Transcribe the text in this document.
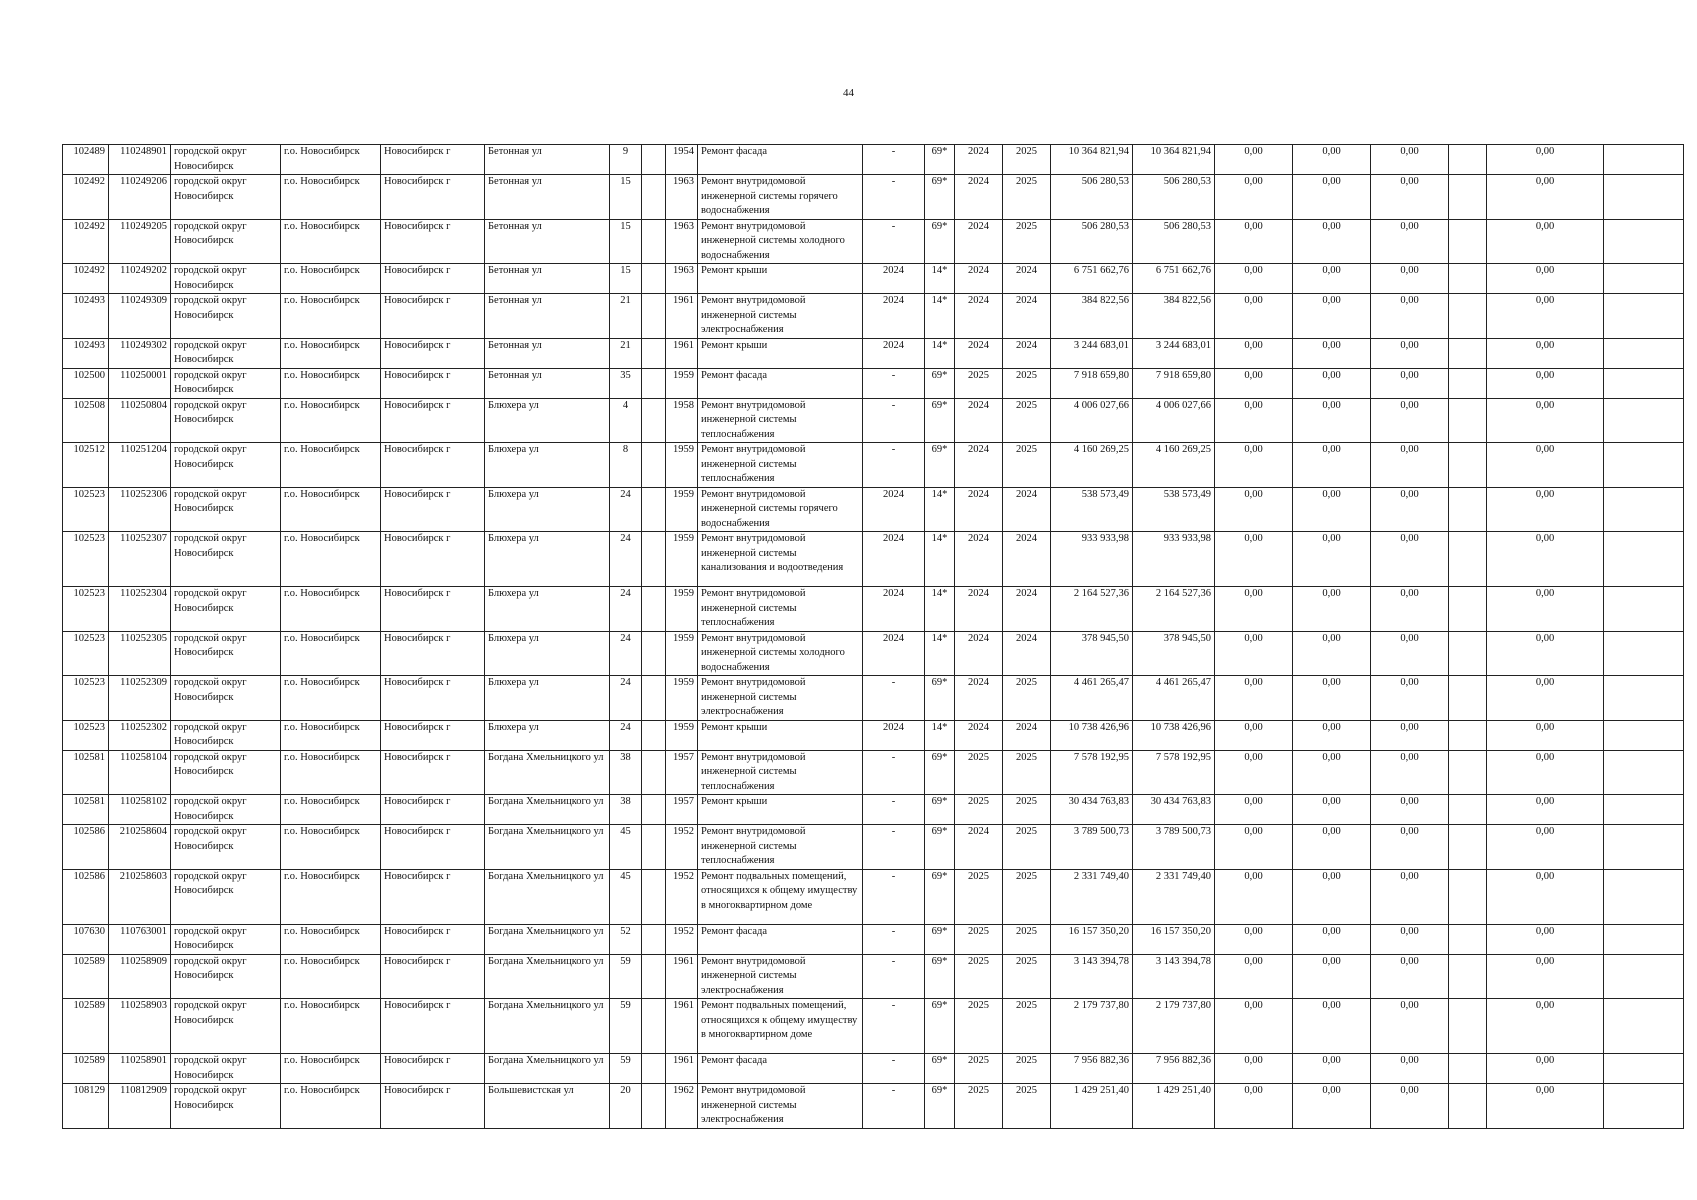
44
102489	110248901	городской округ Новосибирск	г.о. Новосибирск	Новосибирск г	Бетонная ул	9		1954	Ремонт фасада	-	69*	2024	2025	10 364 821,94	10 364 821,94	0,00	0,00	0,00		0,00	
102492	110249206	городской округ Новосибирск	г.о. Новосибирск	Новосибирск г	Бетонная ул	15		1963	Ремонт внутридомовой инженерной системы горячего водоснабжения	-	69*	2024	2025	506 280,53	506 280,53	0,00	0,00	0,00		0,00	
102492	110249205	городской округ Новосибирск	г.о. Новосибирск	Новосибирск г	Бетонная ул	15		1963	Ремонт внутридомовой инженерной системы холодного водоснабжения	-	69*	2024	2025	506 280,53	506 280,53	0,00	0,00	0,00		0,00	
102492	110249202	городской округ Новосибирск	г.о. Новосибирск	Новосибирск г	Бетонная ул	15		1963	Ремонт крыши	2024	14*	2024	2024	6 751 662,76	6 751 662,76	0,00	0,00	0,00		0,00	
102493	110249309	городской округ Новосибирск	г.о. Новосибирск	Новосибирск г	Бетонная ул	21		1961	Ремонт внутридомовой инженерной системы электроснабжения	2024	14*	2024	2024	384 822,56	384 822,56	0,00	0,00	0,00		0,00	
102493	110249302	городской округ Новосибирск	г.о. Новосибирск	Новосибирск г	Бетонная ул	21		1961	Ремонт крыши	2024	14*	2024	2024	3 244 683,01	3 244 683,01	0,00	0,00	0,00		0,00	
102500	110250001	городской округ Новосибирск	г.о. Новосибирск	Новосибирск г	Бетонная ул	35		1959	Ремонт фасада	-	69*	2025	2025	7 918 659,80	7 918 659,80	0,00	0,00	0,00		0,00	
102508	110250804	городской округ Новосибирск	г.о. Новосибирск	Новосибирск г	Блюхера ул	4		1958	Ремонт внутридомовой инженерной системы теплоснабжения	-	69*	2024	2025	4 006 027,66	4 006 027,66	0,00	0,00	0,00		0,00	
102512	110251204	городской округ Новосибирск	г.о. Новосибирск	Новосибирск г	Блюхера ул	8		1959	Ремонт внутридомовой инженерной системы теплоснабжения	-	69*	2024	2025	4 160 269,25	4 160 269,25	0,00	0,00	0,00		0,00	
102523	110252306	городской округ Новосибирск	г.о. Новосибирск	Новосибирск г	Блюхера ул	24		1959	Ремонт внутридомовой инженерной системы горячего водоснабжения	2024	14*	2024	2024	538 573,49	538 573,49	0,00	0,00	0,00		0,00	
102523	110252307	городской округ Новосибирск	г.о. Новосибирск	Новосибирск г	Блюхера ул	24		1959	Ремонт внутридомовой инженерной системы канализования и водоотведения	2024	14*	2024	2024	933 933,98	933 933,98	0,00	0,00	0,00		0,00	
102523	110252304	городской округ Новосибирск	г.о. Новосибирск	Новосибирск г	Блюхера ул	24		1959	Ремонт внутридомовой инженерной системы теплоснабжения	2024	14*	2024	2024	2 164 527,36	2 164 527,36	0,00	0,00	0,00		0,00	
102523	110252305	городской округ Новосибирск	г.о. Новосибирск	Новосибирск г	Блюхера ул	24		1959	Ремонт внутридомовой инженерной системы холодного водоснабжения	2024	14*	2024	2024	378 945,50	378 945,50	0,00	0,00	0,00		0,00	
102523	110252309	городской округ Новосибирск	г.о. Новосибирск	Новосибирск г	Блюхера ул	24		1959	Ремонт внутридомовой инженерной системы электроснабжения	-	69*	2024	2025	4 461 265,47	4 461 265,47	0,00	0,00	0,00		0,00	
102523	110252302	городской округ Новосибирск	г.о. Новосибирск	Новосибирск г	Блюхера ул	24		1959	Ремонт крыши	2024	14*	2024	2024	10 738 426,96	10 738 426,96	0,00	0,00	0,00		0,00	
102581	110258104	городской округ Новосибирск	г.о. Новосибирск	Новосибирск г	Богдана Хмельницкого ул	38		1957	Ремонт внутридомовой инженерной системы теплоснабжения	-	69*	2025	2025	7 578 192,95	7 578 192,95	0,00	0,00	0,00		0,00	
102581	110258102	городской округ Новосибирск	г.о. Новосибирск	Новосибирск г	Богдана Хмельницкого ул	38		1957	Ремонт крыши	-	69*	2025	2025	30 434 763,83	30 434 763,83	0,00	0,00	0,00		0,00	
102586	210258604	городской округ Новосибирск	г.о. Новосибирск	Новосибирск г	Богдана Хмельницкого ул	45		1952	Ремонт внутридомовой инженерной системы теплоснабжения	-	69*	2024	2025	3 789 500,73	3 789 500,73	0,00	0,00	0,00		0,00	
102586	210258603	городской округ Новосибирск	г.о. Новосибирск	Новосибирск г	Богдана Хмельницкого ул	45		1952	Ремонт подвальных помещений, относящихся к общему имуществу в многоквартирном доме	-	69*	2025	2025	2 331 749,40	2 331 749,40	0,00	0,00	0,00		0,00	
107630	110763001	городской округ Новосибирск	г.о. Новосибирск	Новосибирск г	Богдана Хмельницкого ул	52		1952	Ремонт фасада	-	69*	2025	2025	16 157 350,20	16 157 350,20	0,00	0,00	0,00		0,00	
102589	110258909	городской округ Новосибирск	г.о. Новосибирск	Новосибирск г	Богдана Хмельницкого ул	59		1961	Ремонт внутридомовой инженерной системы электроснабжения	-	69*	2025	2025	3 143 394,78	3 143 394,78	0,00	0,00	0,00		0,00	
102589	110258903	городской округ Новосибирск	г.о. Новосибирск	Новосибирск г	Богдана Хмельницкого ул	59		1961	Ремонт подвальных помещений, относящихся к общему имуществу в многоквартирном доме	-	69*	2025	2025	2 179 737,80	2 179 737,80	0,00	0,00	0,00		0,00	
102589	110258901	городской округ Новосибирск	г.о. Новосибирск	Новосибирск г	Богдана Хмельницкого ул	59		1961	Ремонт фасада	-	69*	2025	2025	7 956 882,36	7 956 882,36	0,00	0,00	0,00		0,00	
108129	110812909	городской округ Новосибирск	г.о. Новосибирск	Новосибирск г	Большевистская ул	20		1962	Ремонт внутридомовой инженерной системы электроснабжения	-	69*	2025	2025	1 429 251,40	1 429 251,40	0,00	0,00	0,00		0,00	
